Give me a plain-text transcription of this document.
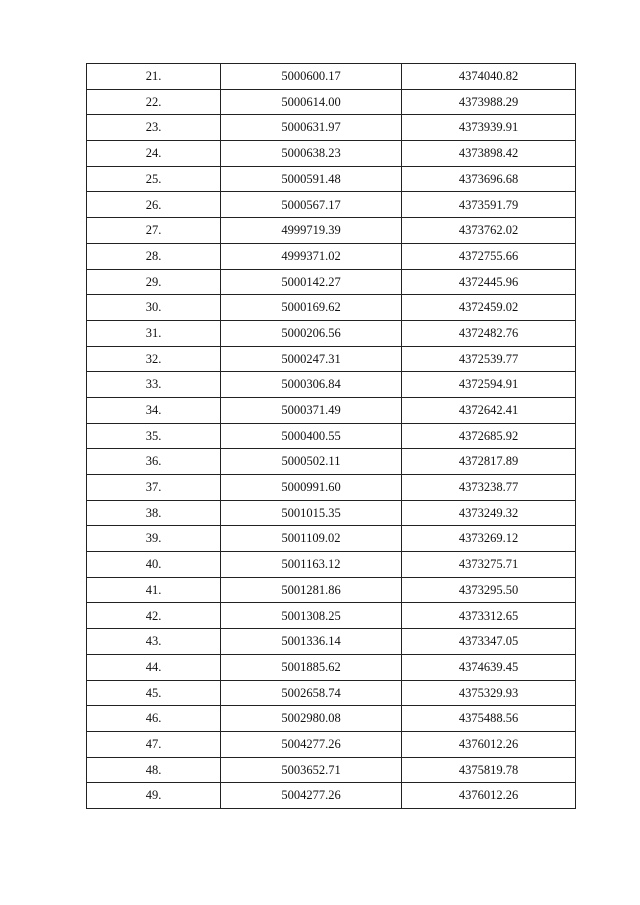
21.	5000600.17	4374040.82
22.	5000614.00	4373988.29
23.	5000631.97	4373939.91
24.	5000638.23	4373898.42
25.	5000591.48	4373696.68
26.	5000567.17	4373591.79
27.	4999719.39	4373762.02
28.	4999371.02	4372755.66
29.	5000142.27	4372445.96
30.	5000169.62	4372459.02
31.	5000206.56	4372482.76
32.	5000247.31	4372539.77
33.	5000306.84	4372594.91
34.	5000371.49	4372642.41
35.	5000400.55	4372685.92
36.	5000502.11	4372817.89
37.	5000991.60	4373238.77
38.	5001015.35	4373249.32
39.	5001109.02	4373269.12
40.	5001163.12	4373275.71
41.	5001281.86	4373295.50
42.	5001308.25	4373312.65
43.	5001336.14	4373347.05
44.	5001885.62	4374639.45
45.	5002658.74	4375329.93
46.	5002980.08	4375488.56
47.	5004277.26	4376012.26
48.	5003652.71	4375819.78
49.	5004277.26	4376012.26
